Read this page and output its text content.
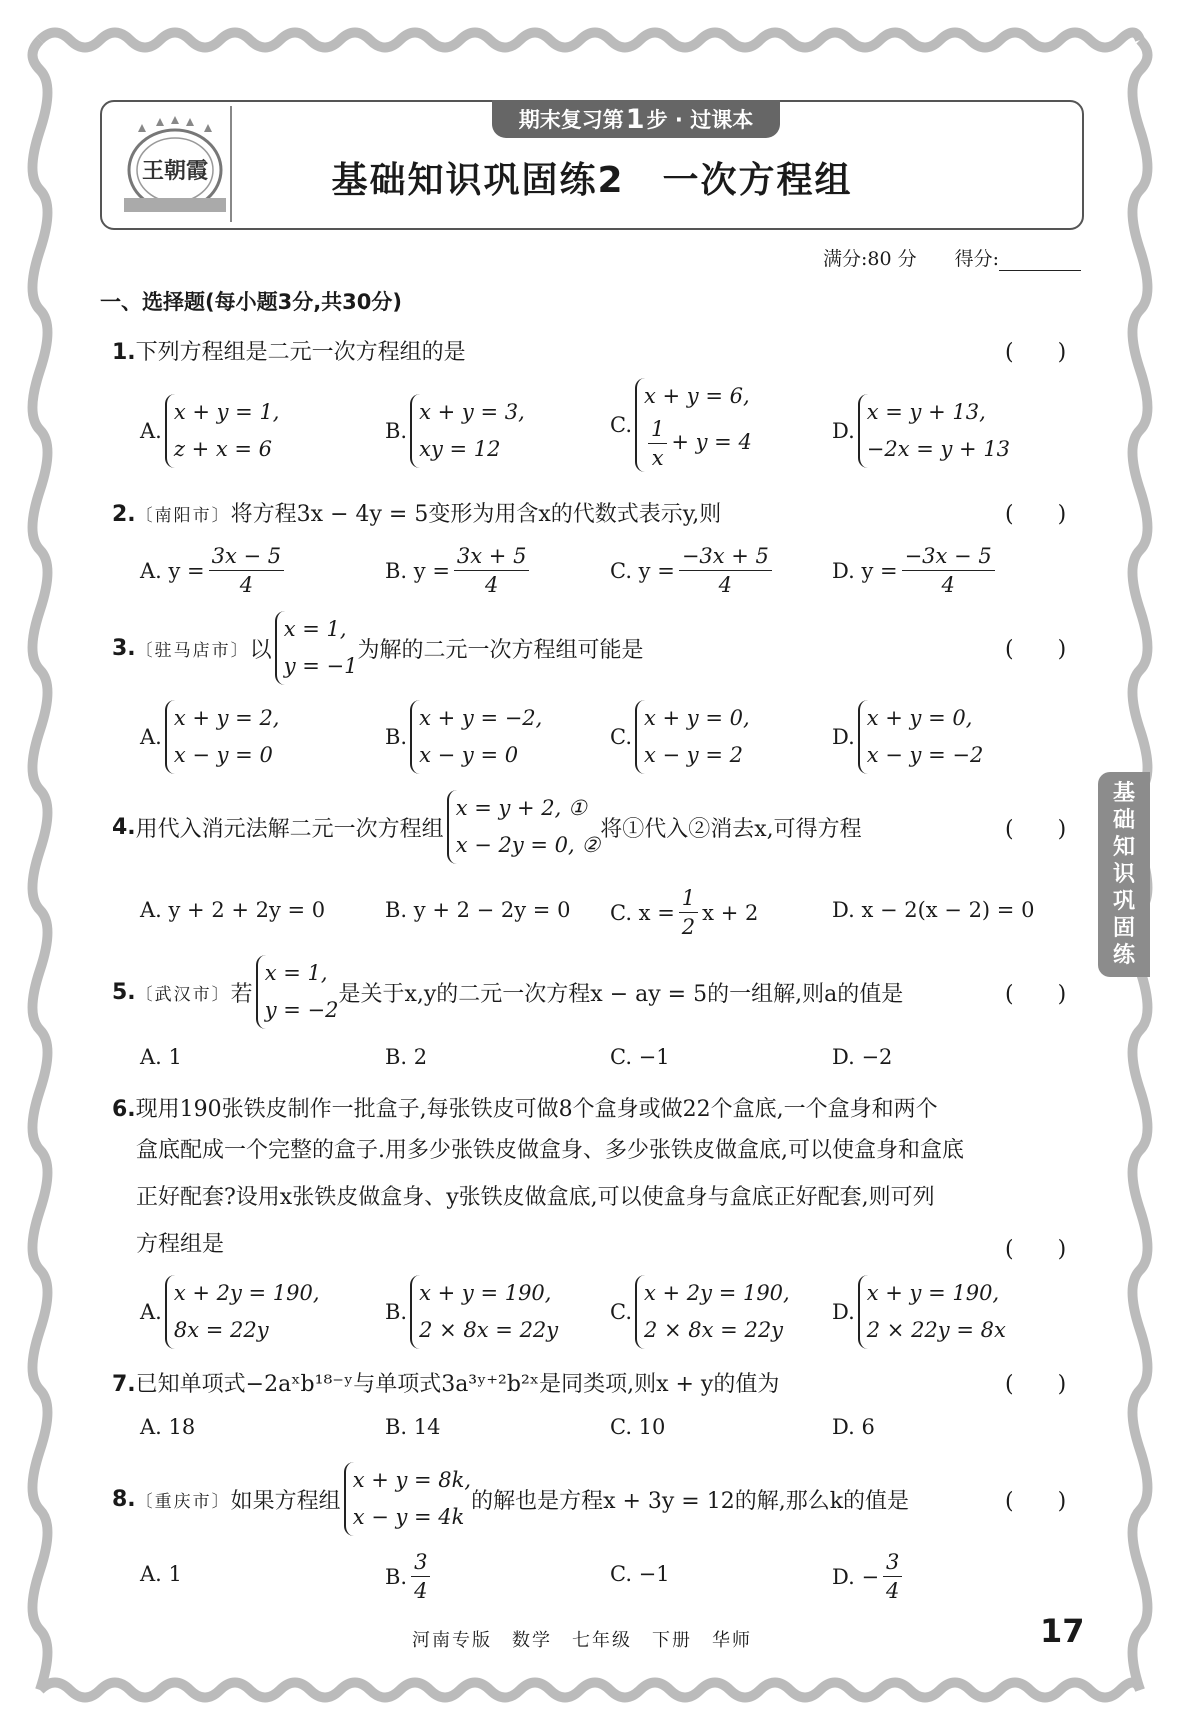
王朝霞
期末复习第 1 步 · 过课本
基础知识巩固练2　一次方程组
满分:80 分　　 得分:
一、选择题(每小题3分,共30分)
1.下列方程组是二元一次方程组的是	(　　)
A.
x + y = 1,
z + x = 6
B.
x + y = 3,
xy = 12
C.
x + y = 6,
$\frac{1}{x} + y = 4$	D.
x = y + 13,
−2x = y + 13
2.〔南阳市〕将方程3x − 4y = 5变形为用含x的代数式表示y,则	(　　)
A. $y = \frac{3x - 5}{4}$	B. $y = \frac{3x + 5}{4}$	C. $y = \frac{-3x + 5}{4}$	D. $y = \frac{-3x - 5}{4}$
3. 〔驻马店市〕 以
x = 1,
y = −1
为解的二元一次方程组可能是	(　　)
A.
x + y = 2,
x − y = 0
B.
x + y = −2,
x − y = 0
C.
x + y = 0,
x − y = 2
D.
x + y = 0,
x − y = −2
4. 用代入消元法解二元一次方程组
x = y + 2, ①
x − 2y = 0, ②
将①代入②消去x,可得方程	(　　)
A. y + 2 + 2y = 0	B. y + 2 − 2y = 0 C. $x = \frac{1}{2}$ x + 2	D. x − 2(x − 2) = 0
5. 〔武汉市〕 若
x = 1,
y = −2
是关于x,y的二元一次方程x − ay = 5的一组解,则a的值是	(　　)
A. 1	B. 2	C. −1	D. −2
6.现用190张铁皮制作一批盒子,每张铁皮可做8个盒身或做22个盒底,一个盒身和两个
盒底配成一个完整的盒子.用多少张铁皮做盒身、多少张铁皮做盒底,可以使盒身和盒底
正好配套?设用x张铁皮做盒身、y张铁皮做盒底,可以使盒身与盒底正好配套,则可列
方程组是	(　　)
A.
x + 2y = 190,
8x = 22y
B.
x + y = 190,
2 × 8x = 22y
C.
x + 2y = 190,
2 × 8x = 22y
D.
x + y = 190,
2 × 22y = 8x
7.已知单项式−2aˣb¹⁸⁻ʸ与单项式3a³ʸ⁺²b²ˣ是同类项,则x + y的值为	(　　)
A. 18	B. 14	C. 10	D. 6
8. 〔重庆市〕 如果方程组
x + y = 8k,
x − y = 4k
的解也是方程x + 3y = 12的解,那么k的值是	(　　)
A. 1	B. $\frac{3}{4}$	C. −1	D. − $\frac{3}{4}$
基
础
知
识
巩
固
练
河南专版　数学　七年级　下册　华师	17
